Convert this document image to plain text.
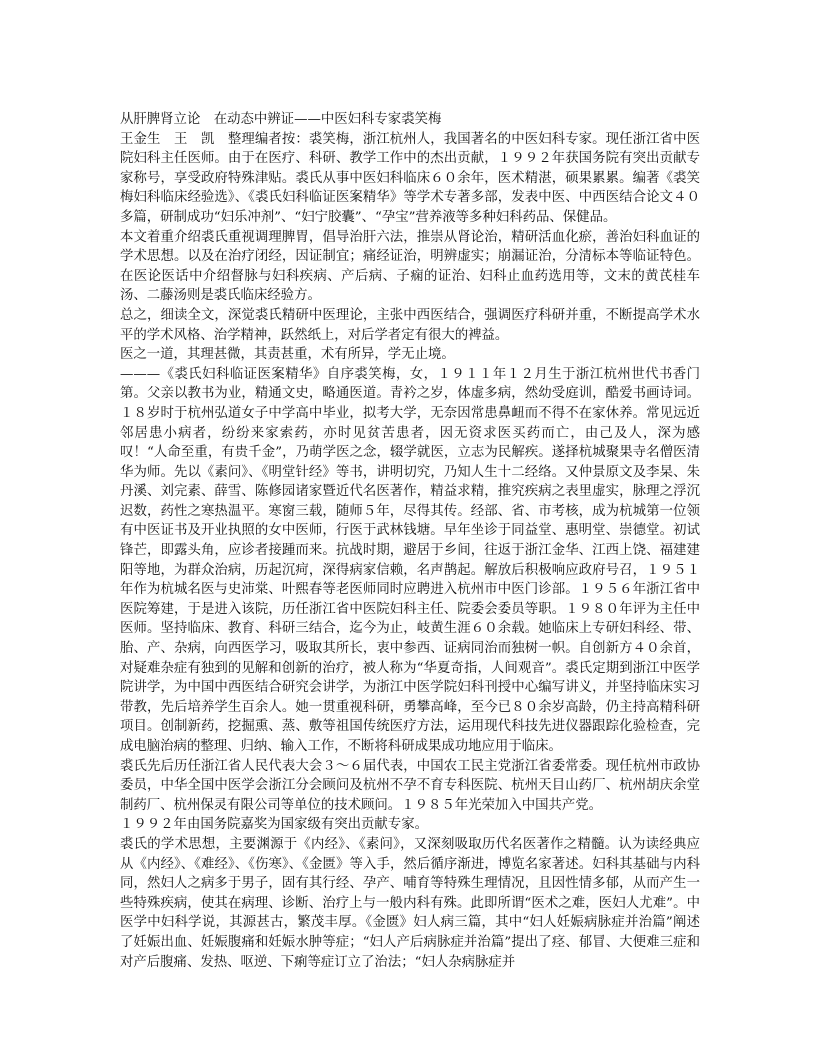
从肝脾肾立论　在动态中辨证——中医妇科专家裘笑梅

王金生　王　凯　整理编者按：裘笑梅，浙江杭州人，我国著名的中医妇科专家。现任浙江省中医院妇科主任医师。由于在医疗、科研、教学工作中的杰出贡献，１９９２年获国务院有突出贡献专家称号，享受政府特殊津贴。裘氏从事中医妇科临床６０余年，医术精湛，硕果累累。编著《裘笑梅妇科临床经验选》、《裘氏妇科临证医案精华》等学术专著多部，发表中医、中西医结合论文４０多篇，研制成功“妇乐冲剂”、“妇宁胶囊”、“孕宝”营养液等多种妇科药品、保健品。

本文着重介绍裘氏重视调理脾胃，倡导治肝六法，推崇从肾论治，精研活血化瘀，善治妇科血证的学术思想。以及在治疗闭经，因证制宜；痛经证治，明辨虚实；崩漏证治，分清标本等临证特色。在医论医话中介绍督脉与妇科疾病、产后病、子痫的证治、妇科止血药选用等，文末的黄芪桂车汤、二藤汤则是裘氏临床经验方。

总之，细读全文，深觉裘氏精研中医理论，主张中西医结合，强调医疗科研并重，不断提高学术水平的学术风格、治学精神，跃然纸上，对后学者定有很大的裨益。

医之一道，其理甚微，其责甚重，术有所异，学无止境。

———《裘氏妇科临证医案精华》自序裘笑梅，女，１９１１年１２月生于浙江杭州世代书香门第。父亲以教书为业，精通文史，略通医道。青衿之岁，体虚多病，然幼受庭训，酷爱书画诗词。１８岁时于杭州弘道女子中学高中毕业，拟考大学，无奈因常患鼻衄而不得不在家休养。常见远近邻居患小病者，纷纷来家索药，亦时见贫苦患者，因无资求医买药而亡，由己及人，深为感叹！“人命至重，有贵千金”，乃萌学医之念，辍学就医，立志为民解疾。遂择杭城聚果寺名僧医清华为师。先以《素问》、《明堂针经》等书，讲明切究，乃知人生十二经络。又仲景原文及李杲、朱丹溪、刘完素、薛雪、陈修园诸家暨近代名医著作，精益求精，推究疾病之表里虚实，脉理之浮沉迟数，药性之寒热温平。寒窗三载，随师５年，尽得其传。经部、省、市考核，成为杭城第一位领有中医证书及开业执照的女中医师，行医于武林钱塘。早年坐诊于同益堂、惠明堂、崇德堂。初试锋芒，即露头角，应诊者接踵而来。抗战时期，避居于乡间，往返于浙江金华、江西上饶、福建建阳等地，为群众治病，历起沉疴，深得病家信赖，名声鹊起。解放后积极响应政府号召，１９５１年作为杭城名医与史沛棠、叶熙春等老医师同时应聘进入杭州市中医门诊部。１９５６年浙江省中医院筹建，于是进入该院，历任浙江省中医院妇科主任、院委会委员等职。１９８０年评为主任中医师。坚持临床、教育、科研三结合，迄今为止，岐黄生涯６０余载。她临床上专研妇科经、带、胎、产、杂病，向西医学习，吸取其所长，衷中参西、证病同治而独树一帜。自创新方４０余首，对疑难杂症有独到的见解和创新的治疗，被人称为“华夏奇指，人间观音”。裘氏定期到浙江中医学院讲学，为中国中西医结合研究会讲学，为浙江中医学院妇科刊授中心编写讲义，并坚持临床实习带教，先后培养学生百余人。她一贯重视科研，勇攀高峰，至今已８０余岁高龄，仍主持高精科研项目。创制新药，挖掘熏、蒸、敷等祖国传统医疗方法，运用现代科技先进仪器跟踪化验检查，完成电脑治病的整理、归纳、输入工作，不断将科研成果成功地应用于临床。

裘氏先后历任浙江省人民代表大会３～６届代表，中国农工民主党浙江省委常委。现任杭州市政协委员，中华全国中医学会浙江分会顾问及杭州不孕不育专科医院、杭州天目山药厂、杭州胡庆余堂制药厂、杭州保灵有限公司等单位的技术顾问。１９８５年光荣加入中国共产党。

１９９２年由国务院嘉奖为国家级有突出贡献专家。

裘氏的学术思想，主要渊源于《内经》、《素问》，又深刻吸取历代名医著作之精髓。认为读经典应从《内经》、《难经》、《伤寒》、《金匮》等入手，然后循序渐进，博览名家著述。妇科其基础与内科同，然妇人之病多于男子，固有其行经、孕产、哺育等特殊生理情况，且因性情多郁，从而产生一些特殊疾病，使其在病理、诊断、治疗上与一般内科有殊。此即所谓“医术之难，医妇人尤难”。中医学中妇科学说，其源甚古，繁茂丰厚。《金匮》妇人病三篇，其中“妇人妊娠病脉症并治篇”阐述了妊娠出血、妊娠腹痛和妊娠水肿等症；“妇人产后病脉症并治篇”提出了痉、郁冒、大便难三症和对产后腹痛、发热、呕逆、下痢等症订立了治法；“妇人杂病脉症并
